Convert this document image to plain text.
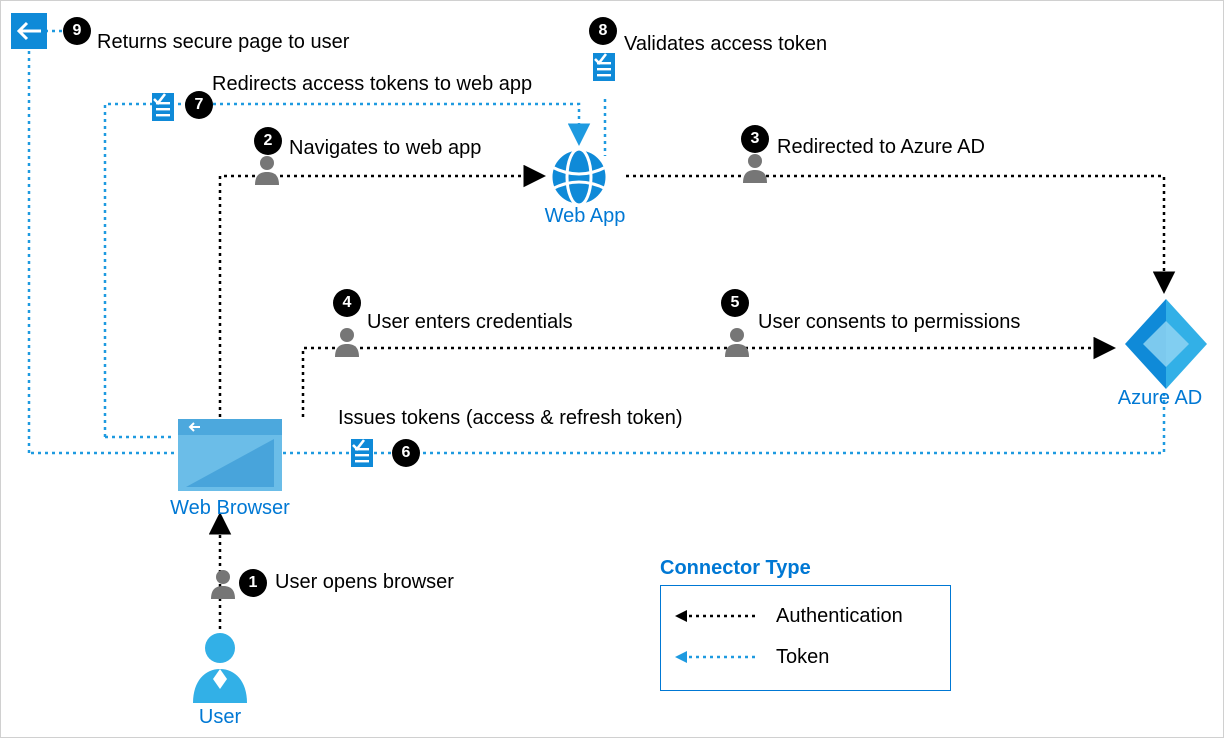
User
Web Browser
Web App
Azure AD
1 User opens browser
2 Navigates to web app	3 Redirected to Azure AD
4
User enters credentials
5
User consents to permissions
6
Issues tokens (access & refresh token)
7
Redirects access tokens to web app
8
Validates access token
9
Returns secure page to user
Connector Type
Authentication
Token
